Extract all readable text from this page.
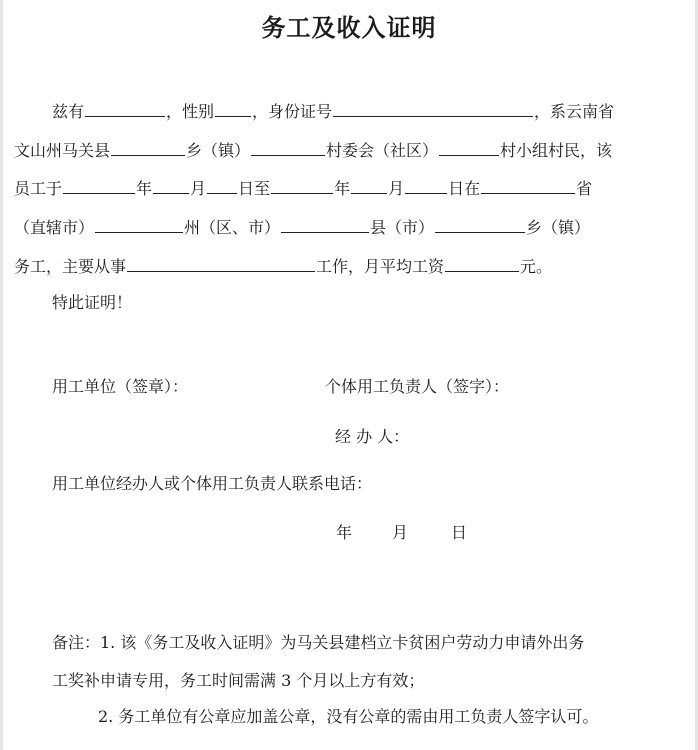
务工及收入证明
兹有	，性别 ，身份证号	，系云南省
文山州马关县	乡（镇）	村委会（社区）	村小组村民，该
员工于	年 月 日至	年 月	日在	省
（直辖市）	州（区、市）	县（市）	乡（镇）
务工，主要从事	工作，月平均工资	元。
特此证明！
用工单位（签章）：	个体用工负责人（签字）：
经 办 人：
用工单位经办人或个体用工负责人联系电话：
年 月	日
备注：1. 该《务工及收入证明》为马关县建档立卡贫困户劳动力申请外出务
工奖补申请专用，务工时间需满 3 个月以上方有效；
2. 务工单位有公章应加盖公章，没有公章的需由用工负责人签字认可。
